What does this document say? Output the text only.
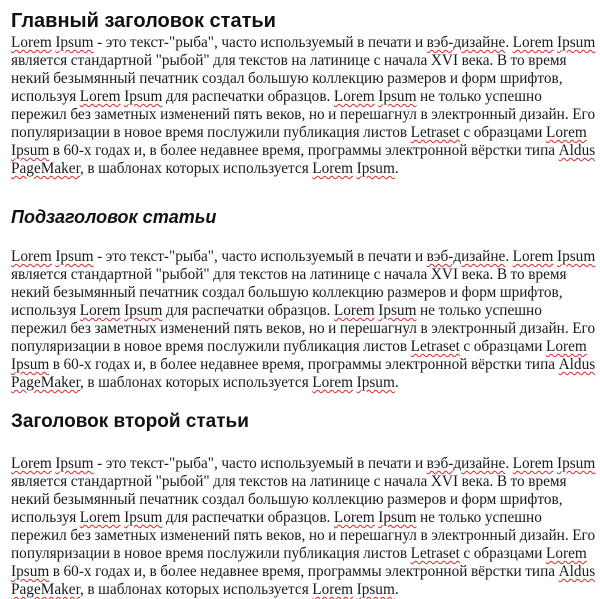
Главный заголовок статьи

Lorem Ipsum - это текст-"рыба", часто используемый в печати и вэб-дизайне. Lorem Ipsum
является стандартной "рыбой" для текстов на латинице с начала XVI века. В то время
некий безымянный печатник создал большую коллекцию размеров и форм шрифтов,
используя Lorem Ipsum для распечатки образцов. Lorem Ipsum не только успешно
пережил без заметных изменений пять веков, но и перешагнул в электронный дизайн. Его
популяризации в новое время послужили публикация листов Letraset с образцами Lorem
Ipsum в 60-х годах и, в более недавнее время, программы электронной вёрстки типа Aldus
PageMaker, в шаблонах которых используется Lorem Ipsum.

Подзаголовок статьи

Lorem Ipsum - это текст-"рыба", часто используемый в печати и вэб-дизайне. Lorem Ipsum
является стандартной "рыбой" для текстов на латинице с начала XVI века. В то время
некий безымянный печатник создал большую коллекцию размеров и форм шрифтов,
используя Lorem Ipsum для распечатки образцов. Lorem Ipsum не только успешно
пережил без заметных изменений пять веков, но и перешагнул в электронный дизайн. Его
популяризации в новое время послужили публикация листов Letraset с образцами Lorem
Ipsum в 60-х годах и, в более недавнее время, программы электронной вёрстки типа Aldus
PageMaker, в шаблонах которых используется Lorem Ipsum.

Заголовок второй статьи

Lorem Ipsum - это текст-"рыба", часто используемый в печати и вэб-дизайне. Lorem Ipsum
является стандартной "рыбой" для текстов на латинице с начала XVI века. В то время
некий безымянный печатник создал большую коллекцию размеров и форм шрифтов,
используя Lorem Ipsum для распечатки образцов. Lorem Ipsum не только успешно
пережил без заметных изменений пять веков, но и перешагнул в электронный дизайн. Его
популяризации в новое время послужили публикация листов Letraset с образцами Lorem
Ipsum в 60-х годах и, в более недавнее время, программы электронной вёрстки типа Aldus
PageMaker, в шаблонах которых используется Lorem Ipsum.
